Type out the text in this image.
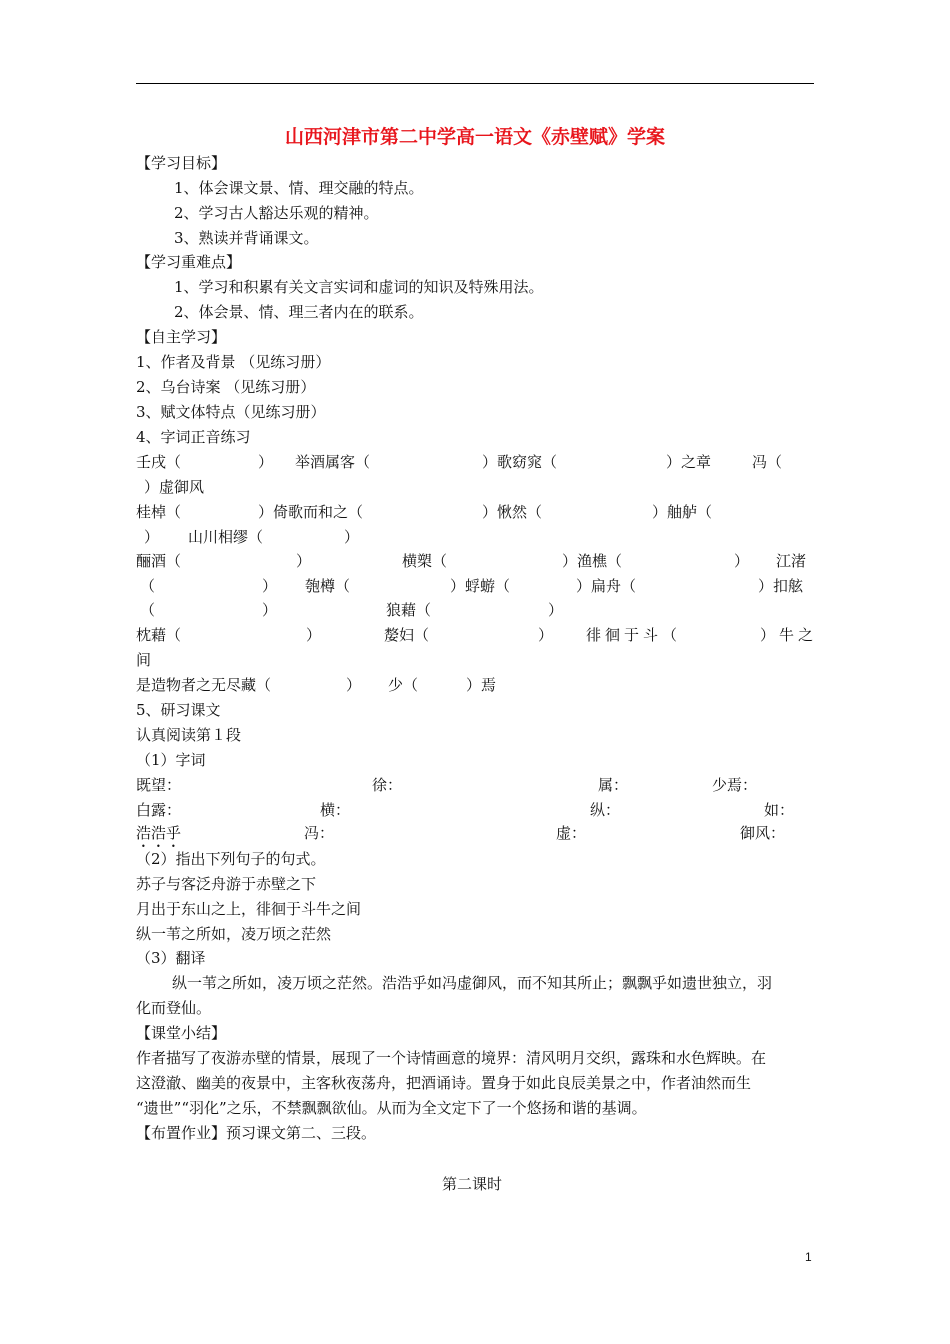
山西河津市第二中学高一语文《赤壁赋》学案
【学习目标】
1、体会课文景、情、理交融的特点。
2、学习古人豁达乐观的精神。
3、熟读并背诵课文。
【学习重难点】
1、学习和积累有关文言实词和虚词的知识及特殊用法。
2、体会景、情、理三者内在的联系。
【自主学习】
1、作者及背景 （见练习册）
2、乌台诗案 （见练习册）
3、赋文体特点（见练习册）
4、字词正音练习
壬戌（	） 举酒属客（	）歌窈窕（	）之章	冯（
）虚御风
桂棹（	）倚歌而和之（	）愀然（	）舳舻（
） 山川相缪（	）
酾酒（	）	横槊（	）渔樵（	） 江渚
（	） 匏樽（	）蜉蝣（	）扁舟（	）扣舷
（	）	狼藉（	）
枕藉（	）	嫠妇（	） 徘徊于斗（	）牛之
间
是造物者之无尽藏（	） 少（	）焉
5、研习课文
认真阅读第１段
（1）字词
既望：	徐：	属：	少焉：
白露：	横：	纵：	如：
浩浩乎	冯：	虚：	御风：
（2）指出下列句子的句式。
苏子与客泛舟游于赤壁之下
月出于东山之上，徘徊于斗牛之间
纵一苇之所如，凌万顷之茫然
（3）翻译
纵一苇之所如，凌万顷之茫然。浩浩乎如冯虚御风，而不知其所止；飘飘乎如遗世独立，羽
化而登仙。
【课堂小结】
作者描写了夜游赤壁的情景，展现了一个诗情画意的境界：清风明月交织，露珠和水色辉映。在
这澄澈、幽美的夜景中，主客秋夜荡舟，把酒诵诗。置身于如此良辰美景之中，作者油然而生
“遗世”“羽化”之乐，不禁飘飘欲仙。从而为全文定下了一个悠扬和谐的基调。
【布置作业】预习课文第二、三段。
第二课时
1
